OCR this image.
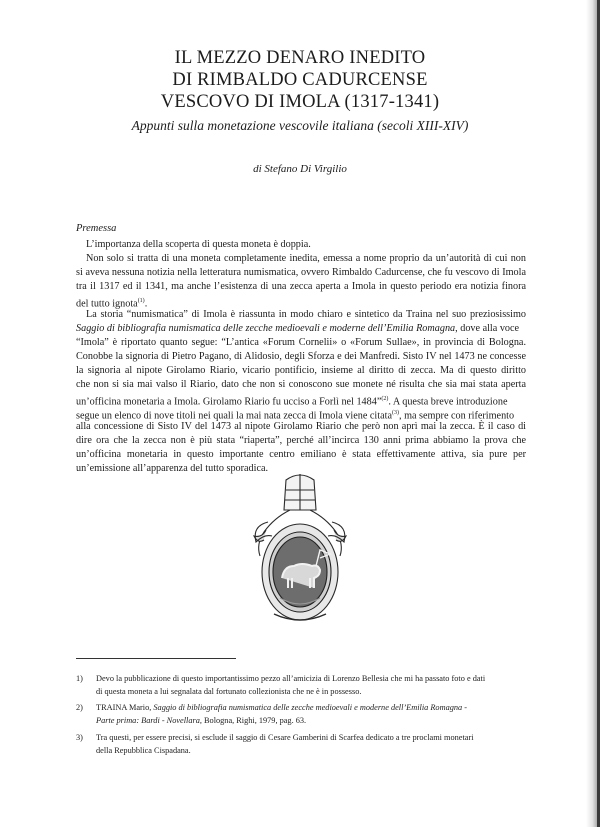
IL MEZZO DENARO INEDITO
DI RIMBALDO CADURCENSE
VESCOVO DI IMOLA (1317-1341)
Appunti sulla monetazione vescovile italiana (secoli XIII-XIV)
di Stefano Di Virgilio
Premessa
L’importanza della scoperta di questa moneta è doppia.
Non solo si tratta di una moneta completamente inedita, emessa a nome proprio da un’autorità di cui non
si aveva nessuna notizia nella letteratura numismatica, ovvero Rimbaldo Cadurcense, che fu vescovo di Imola
tra il 1317 ed il 1341, ma anche l’esistenza di una zecca aperta a Imola in questo periodo era notizia finora
del tutto ignota$^{(1)}$.
La storia “numismatica” di Imola è riassunta in modo chiaro e sintetico da Traina nel suo preziosissimo
Saggio di bibliografia numismatica delle zecche medioevali e moderne dell’Emilia Romagna, dove alla voce
“Imola” è riportato quanto segue: “L’antica «Forum Cornelii» o «Forum Sullae», in provincia di Bologna.
Conobbe la signoria di Pietro Pagano, di Alidosio, degli Sforza e dei Manfredi. Sisto IV nel 1473 ne concesse
la signoria al nipote Girolamo Riario, vicario pontificio, insieme al diritto di zecca. Ma di questo diritto
che non si sia mai valso il Riario, dato che non si conoscono sue monete né risulta che sia mai stata aperta
un’officina monetaria a Imola. Girolamo Riario fu ucciso a Forlì nel 1484”$^{(2)}$. A questa breve introduzione
segue un elenco di nove titoli nei quali la mai nata zecca di Imola viene citata$^{(3)}$, ma sempre con riferimento
alla concessione di Sisto IV del 1473 al nipote Girolamo Riario che però non aprì mai la zecca. È il caso di
dire ora che la zecca non è più stata “riaperta”, perché all’incirca 130 anni prima abbiamo la prova che
un’officina monetaria in questo importante centro emiliano è stata effettivamente attiva, sia pure per
un’emissione all’apparenza del tutto sporadica.
1) Devo la pubblicazione di questo importantissimo pezzo all’amicizia di Lorenzo Bellesia che mi ha passato foto e dati
di questa moneta a lui segnalata dal fortunato collezionista che ne è in possesso.
2) TRAINA Mario, Saggio di bibliografia numismatica delle zecche medioevali e moderne dell’Emilia Romagna -
Parte prima: Bardi - Novellara, Bologna, Righi, 1979, pag. 63.
3) Tra questi, per essere precisi, si esclude il saggio di Cesare Gamberini di Scarfea dedicato a tre proclami monetari
della Repubblica Cispadana.
